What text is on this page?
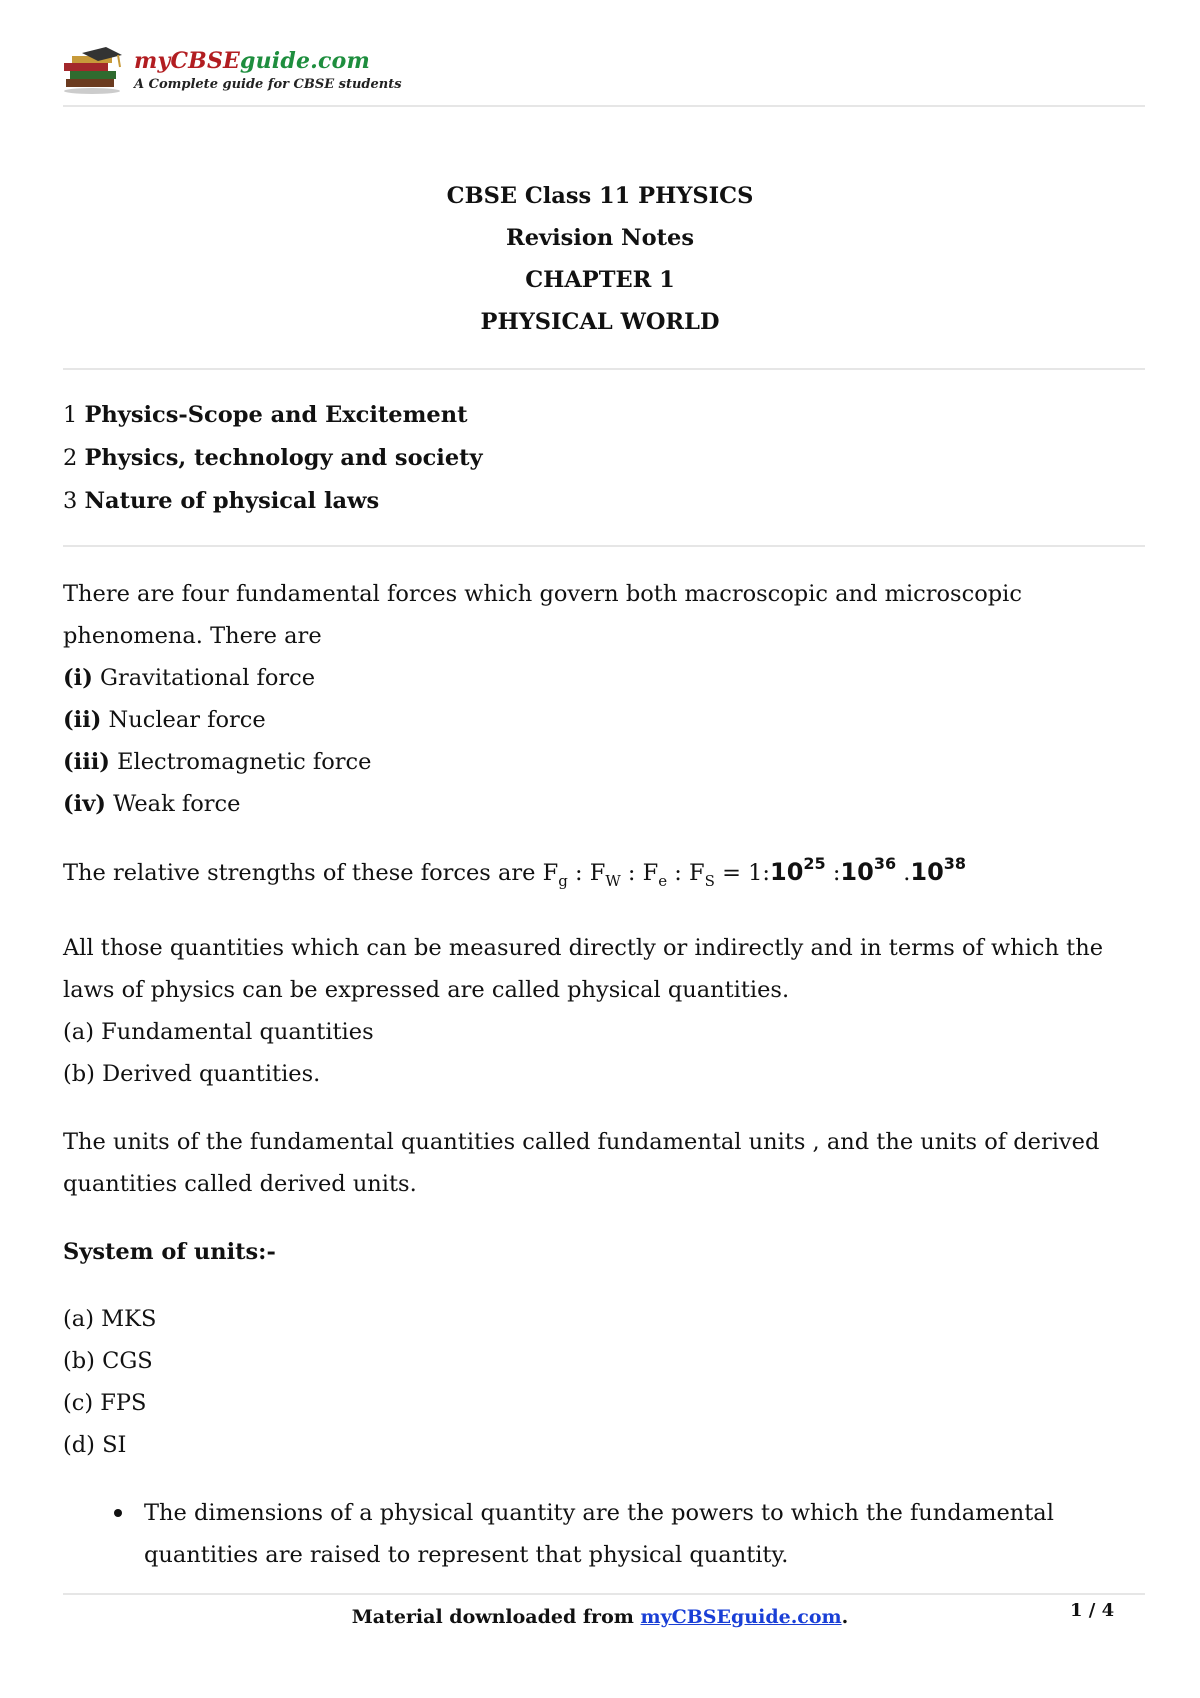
myCBSEguide.com
A Complete guide for CBSE students
CBSE Class 11 PHYSICS
Revision Notes
CHAPTER 1
PHYSICAL WORLD
1 Physics-Scope and Excitement
2 Physics, technology and society
3 Nature of physical laws
There are four fundamental forces which govern both macroscopic and microscopic
phenomena. There are
(i) Gravitational force
(ii) Nuclear force
(iii) Electromagnetic force
(iv) Weak force
The relative strengths of these forces are $F_g$ : $F_W$ : $F_e$ : $F_S$ = $1:10^{25}$ $:10^{36}$ $.10^{38}$
All those quantities which can be measured directly or indirectly and in terms of which the
laws of physics can be expressed are called physical quantities.
(a) Fundamental quantities
(b) Derived quantities.
The units of the fundamental quantities called fundamental units , and the units of derived
quantities called derived units.
System of units:-
(a) MKS
(b) CGS
(c) FPS
(d) SI
The dimensions of a physical quantity are the powers to which the fundamental
quantities are raised to represent that physical quantity.
Material downloaded from myCBSEguide.com.	1 / 4
